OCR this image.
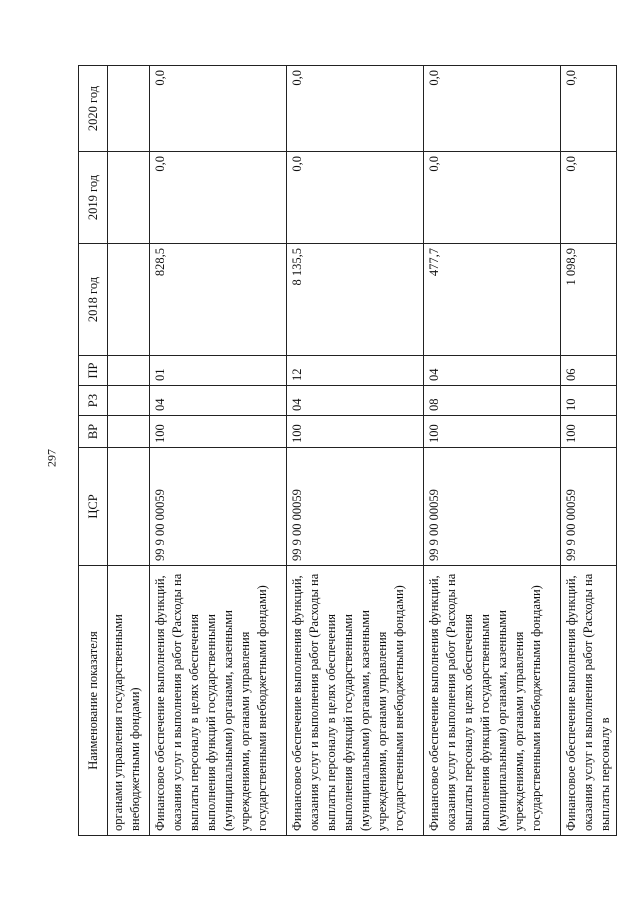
297
Наименование показателя	ЦСР	ВР	РЗ	ПР	2018 год	2019 год	2020 год
органами управления государственными внебюджетными фондами)							
Финансовое обеспечение выполнения функций, оказания услуг и выполнения работ (Расходы на выплаты персоналу в целях обеспечения выполнения функций государственными (муниципальными) органами, казенными учреждениями, органами управления государственными внебюджетными фондами)	99 9 00 00059	100	04	01	828,5	0,0	0,0
Финансовое обеспечение выполнения функций, оказания услуг и выполнения работ (Расходы на выплаты персоналу в целях обеспечения выполнения функций государственными (муниципальными) органами, казенными учреждениями, органами управления государственными внебюджетными фондами)	99 9 00 00059	100	04	12	8 135,5	0,0	0,0
Финансовое обеспечение выполнения функций, оказания услуг и выполнения работ (Расходы на выплаты персоналу в целях обеспечения выполнения функций государственными (муниципальными) органами, казенными учреждениями, органами управления государственными внебюджетными фондами)	99 9 00 00059	100	08	04	477,7	0,0	0,0
Финансовое обеспечение выполнения функций, оказания услуг и выполнения работ (Расходы на выплаты персоналу в	99 9 00 00059	100	10	06	1 098,9	0,0	0,0
